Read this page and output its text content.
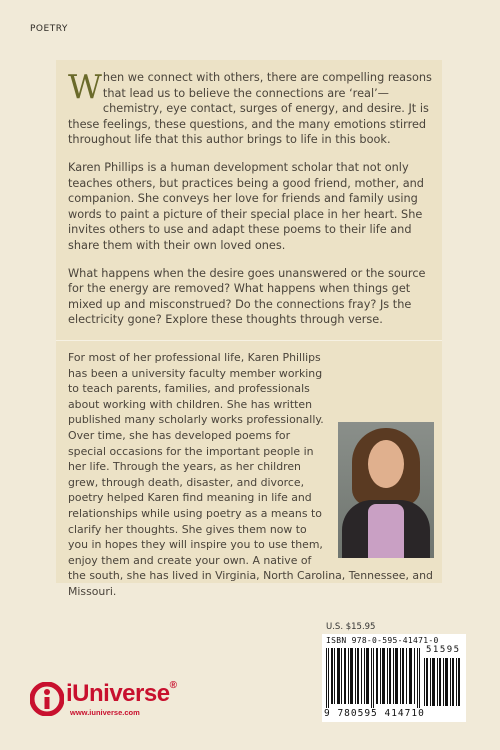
POETRY

When we connect with others, there are compelling reasons that lead us to believe the connections are ‘real’—chemistry, eye contact, surges of energy, and desire. Jt is these feelings, these questions, and the many emotions stirred throughout life that this author brings to life in this book.

Karen Phillips is a human development scholar that not only teaches others, but practices being a good friend, mother, and companion. She conveys her love for friends and family using words to paint a picture of their special place in her heart. She invites others to use and adapt these poems to their life and share them with their own loved ones.

What happens when the desire goes unanswered or the source for the energy are removed? What happens when things get mixed up and misconstrued? Do the connections fray? Js the electricity gone? Explore these thoughts through verse.

For most of her professional life, Karen Phillips has been a university faculty member working to teach parents, families, and professionals about working with children. She has written published many scholarly works professionally. Over time, she has developed poems for special occasions for the important people in her life. Through the years, as her children grew, through death, disaster, and divorce, poetry helped Karen find meaning in life and relationships while using poetry as a means to clarify her thoughts. She gives them now to you in hopes they will inspire you to use them, enjoy them and create your own. A native of the south, she has lived in Virginia, North Carolina, Tennessee, and Missouri.

U.S. $15.95
ISBN 978-0-595-41471-0
51595
9 780595 414710
iUniverse®
www.iuniverse.com
